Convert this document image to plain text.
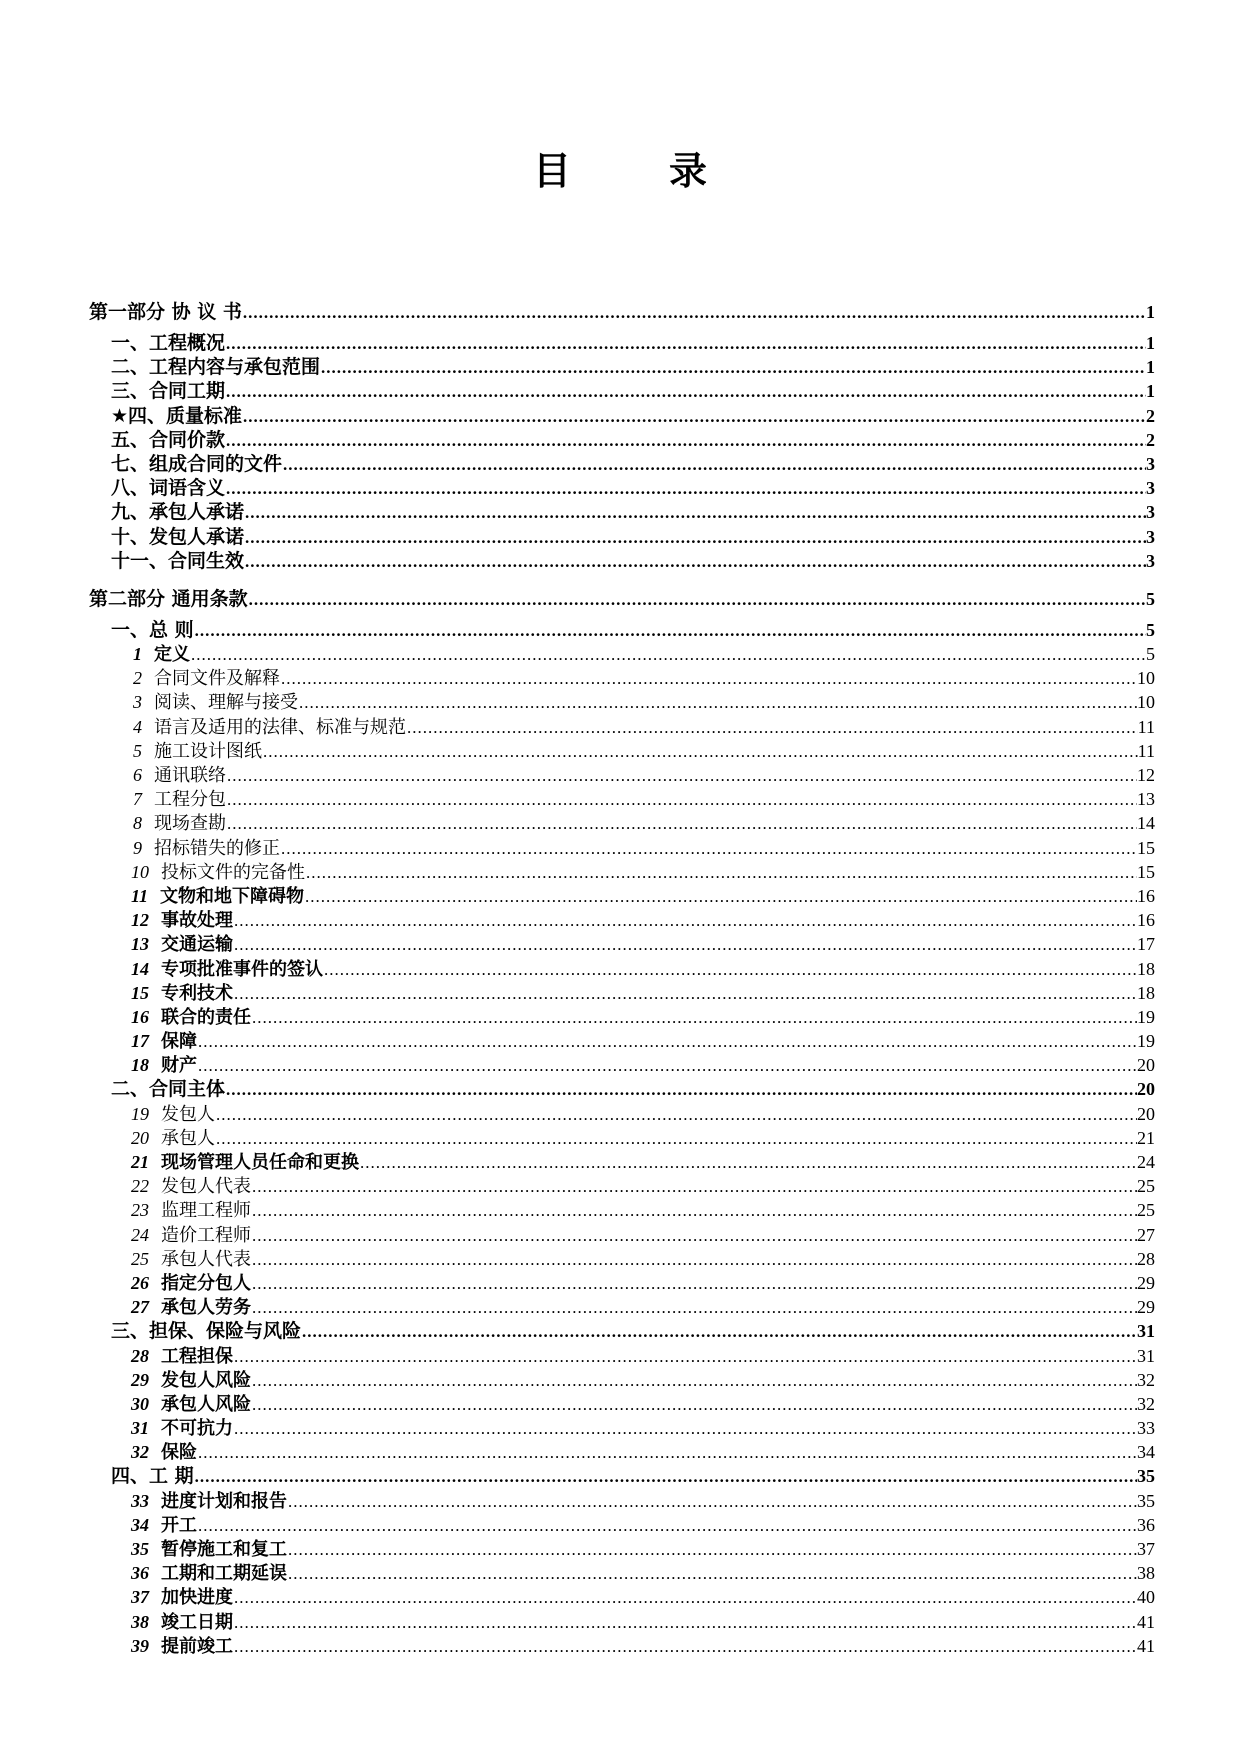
目　录
第一部分 协 议 书 .....	1
一、工程概况 .....	1
二、工程内容与承包范围 .....	1
三、合同工期 .....	1
★四、质量标准 .....	2
五、合同价款 .....	2
七、组成合同的文件 .....	3
八、词语含义 .....	3
九、承包人承诺 .....	3
十、发包人承诺 .....	3
十一、合同生效 .....	3
第二部分 通用条款 .....	5
一、总 则 .....	5
1 定义 .....	5
2 合同文件及解释 .....	10
3 阅读、理解与接受 .....	10
4 语言及适用的法律、标准与规范 .....	11
5 施工设计图纸 .....	11
6 通讯联络 .....	12
7 工程分包 .....	13
8 现场查勘 .....	14
9 招标错失的修正 .....	15
10 投标文件的完备性 .....	15
11 文物和地下障碍物 .....	16
12 事故处理 .....	16
13 交通运输 .....	17
14 专项批准事件的签认 .....	18
15 专利技术 .....	18
16 联合的责任 .....	19
17 保障 .....	19
18 财产 .....	20
二、合同主体 .....	20
19 发包人 .....	20
20 承包人 .....	21
21 现场管理人员任命和更换 .....	24
22 发包人代表 .....	25
23 监理工程师 .....	25
24 造价工程师 .....	27
25 承包人代表 .....	28
26 指定分包人 .....	29
27 承包人劳务 .....	29
三、担保、保险与风险 .....	31
28 工程担保 .....	31
29 发包人风险 .....	32
30 承包人风险 .....	32
31 不可抗力 .....	33
32 保险 .....	34
四、工 期 .....	35
33 进度计划和报告 .....	35
34 开工 .....	36
35 暂停施工和复工 .....	37
36 工期和工期延误 .....	38
37 加快进度 .....	40
38 竣工日期 .....	41
39 提前竣工 .....	41
